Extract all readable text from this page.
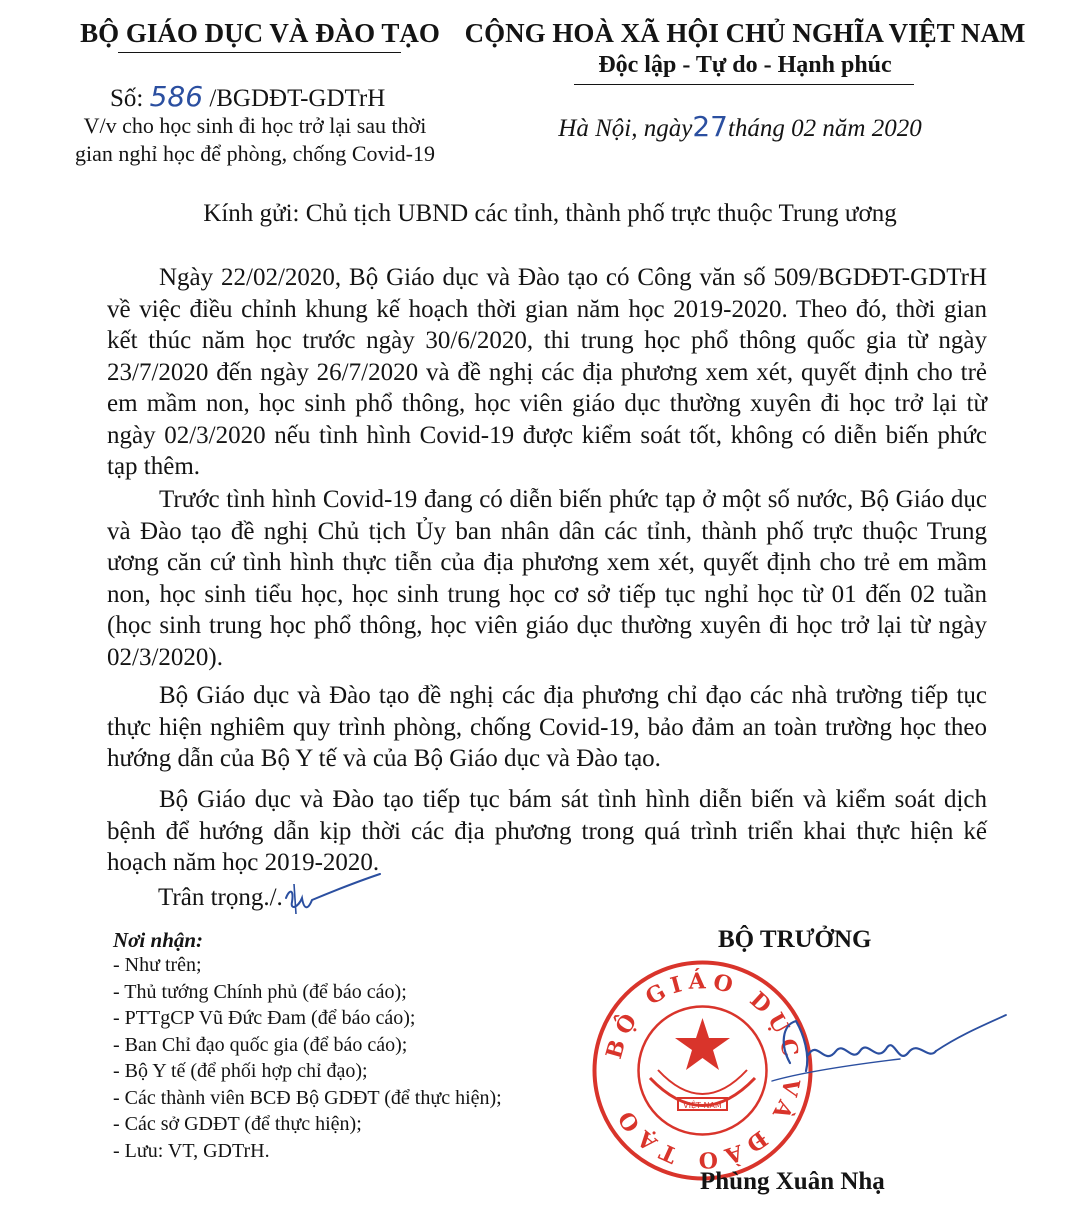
BỘ GIÁO DỤC VÀ ĐÀO TẠO
Số: 586 /BGDĐT-GDTrH
V/v cho học sinh đi học trở lại sau thời
gian nghỉ học để phòng, chống Covid-19
CỘNG HOÀ XÃ HỘI CHỦ NGHĨA VIỆT NAM
Độc lập - Tự do - Hạnh phúc
Hà Nội, ngày27tháng 02 năm 2020
Kính gửi: Chủ tịch UBND các tỉnh, thành phố trực thuộc Trung ương

Ngày 22/02/2020, Bộ Giáo dục và Đào tạo có Công văn số 509/BGDĐT-GDTrH về việc điều chỉnh khung kế hoạch thời gian năm học 2019-2020. Theo đó, thời gian kết thúc năm học trước ngày 30/6/2020, thi trung học phổ thông quốc gia từ ngày 23/7/2020 đến ngày 26/7/2020 và đề nghị các địa phương xem xét, quyết định cho trẻ em mầm non, học sinh phổ thông, học viên giáo dục thường xuyên đi học trở lại từ ngày 02/3/2020 nếu tình hình Covid-19 được kiểm soát tốt, không có diễn biến phức tạp thêm.

Trước tình hình Covid-19 đang có diễn biến phức tạp ở một số nước, Bộ Giáo dục và Đào tạo đề nghị Chủ tịch Ủy ban nhân dân các tỉnh, thành phố trực thuộc Trung ương căn cứ tình hình thực tiễn của địa phương xem xét, quyết định cho trẻ em mầm non, học sinh tiểu học, học sinh trung học cơ sở tiếp tục nghỉ học từ 01 đến 02 tuần (học sinh trung học phổ thông, học viên giáo dục thường xuyên đi học trở lại từ ngày 02/3/2020).

Bộ Giáo dục và Đào tạo đề nghị các địa phương chỉ đạo các nhà trường tiếp tục thực hiện nghiêm quy trình phòng, chống Covid-19, bảo đảm an toàn trường học theo hướng dẫn của Bộ Y tế và của Bộ Giáo dục và Đào tạo.

Bộ Giáo dục và Đào tạo tiếp tục bám sát tình hình diễn biến và kiểm soát dịch bệnh để hướng dẫn kịp thời các địa phương trong quá trình triển khai thực hiện kế hoạch năm học 2019-2020.

Trân trọng./.
Nơi nhận:
- Như trên;
- Thủ tướng Chính phủ (để báo cáo);
- PTTgCP Vũ Đức Đam (để báo cáo);
- Ban Chỉ đạo quốc gia (để báo cáo);
- Bộ Y tế (để phối hợp chỉ đạo);
- Các thành viên BCĐ Bộ GDĐT (để thực hiện);
- Các sở GDĐT (để thực hiện);
- Lưu: VT, GDTrH.
BỘ TRƯỞNG
BỘ GIÁO DỤC VÀ ĐÀO TẠO	VIỆT NAM
Phùng Xuân Nhạ
